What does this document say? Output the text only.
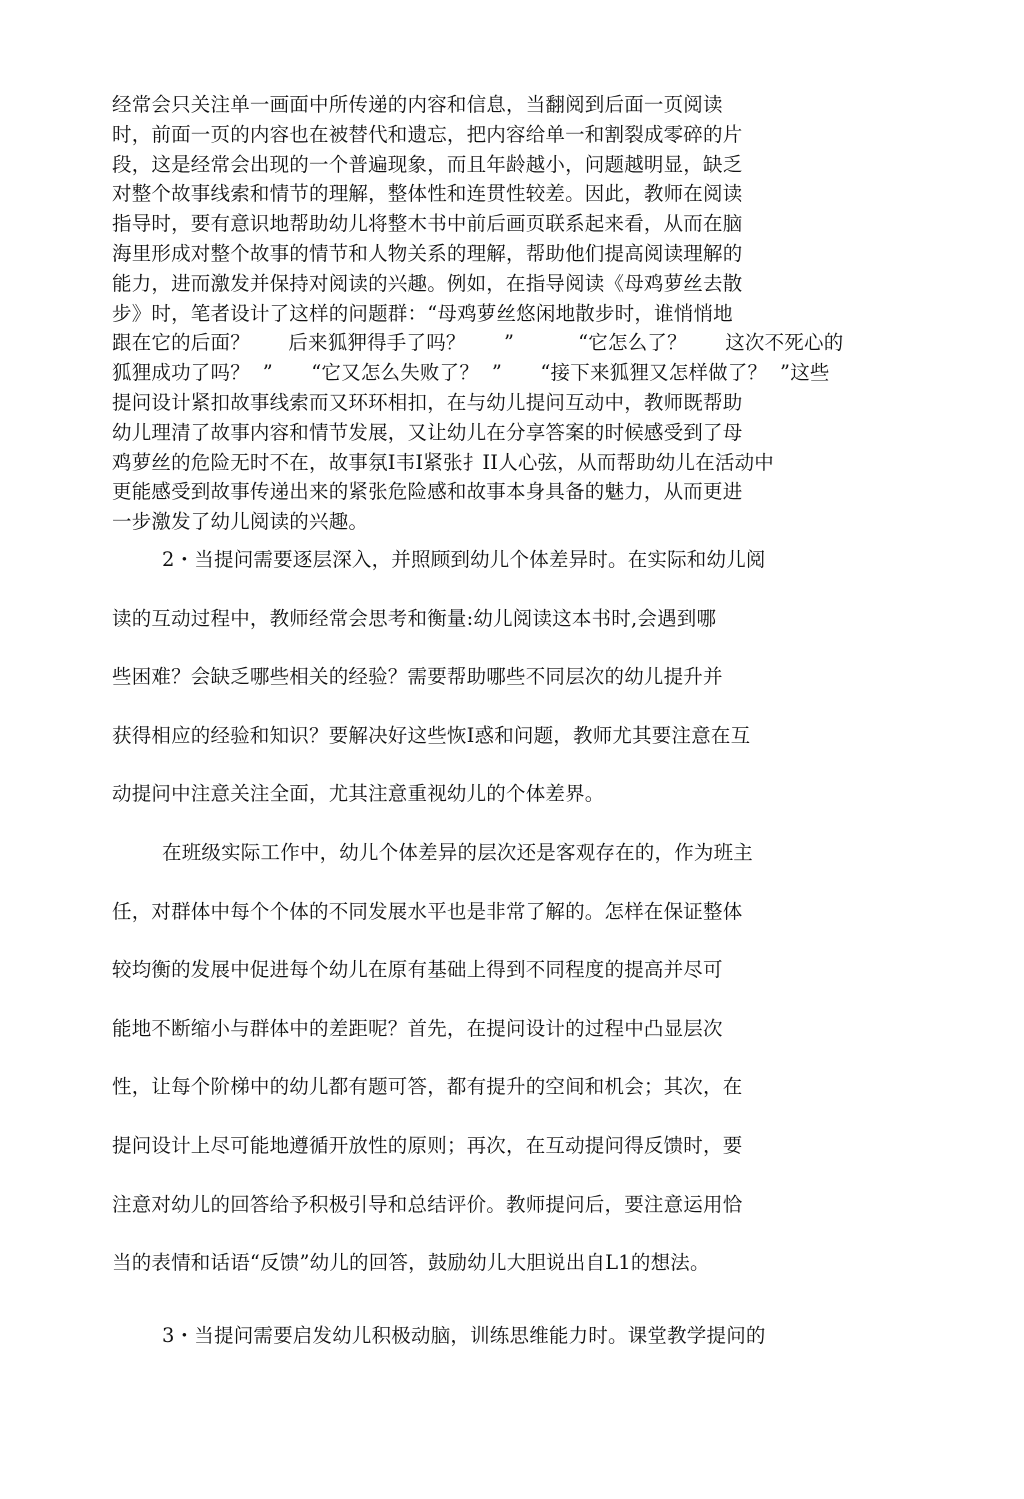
经常会只关注单一画面中所传递的内容和信息，当翻阅到后面一页阅读
时，前面一页的内容也在被替代和遗忘，把内容给单一和割裂成零碎的片
段，这是经常会出现的一个普遍现象，而且年龄越小，问题越明显，缺乏
对整个故事线索和情节的理解，整体性和连贯性较差。因此，教师在阅读
指导时，要有意识地帮助幼儿将整木书中前后画页联系起来看，从而在脑
海里形成对整个故事的情节和人物关系的理解，帮助他们提高阅读理解的
能力，进而激发并保持对阅读的兴趣。例如，在指导阅读《母鸡萝丝去散
步》时，笔者设计了这样的问题群：“母鸡萝丝悠闲地散步时，谁悄悄地
跟在它的后面？      后来狐狎得手了吗？      ”          “它怎么了？      这次不死心的
狐狸成功了吗？  ”      “它又怎么失败了？  ”      “接下来狐狸又怎样做了？  ”这些
提问设计紧扣故事线索而又环环相扣，在与幼儿提问互动中，教师既帮助
幼儿理清了故事内容和情节发展，又让幼儿在分享答案的时候感受到了母
鸡萝丝的危险无时不在，故事氛I韦I紧张扌II人心弦，从而帮助幼儿在活动中
更能感受到故事传递出来的紧张危险感和故事本身具备的魅力，从而更进
一步激发了幼儿阅读的兴趣。
2・当提问需要逐层深入，并照顾到幼儿个体差异时。在实际和幼儿阅
读的互动过程中，教师经常会思考和衡量:幼儿阅读这本书时,会遇到哪
些困难？会缺乏哪些相关的经验？需要帮助哪些不同层次的幼儿提升并
获得相应的经验和知识？要解决好这些恢I惑和问题，教师尤其要注意在互
动提问中注意关注全面，尤其注意重视幼儿的个体差界。
在班级实际工作中，幼儿个体差异的层次还是客观存在的，作为班主
任，对群体中每个个体的不同发展水平也是非常了解的。怎样在保证整体
较均衡的发展中促进每个幼儿在原有基础上得到不同程度的提高并尽可
能地不断缩小与群体中的差距呢？首先，在提问设计的过程中凸显层次
性，让每个阶梯中的幼儿都有题可答，都有提升的空间和机会；其次，在
提问设计上尽可能地遵循开放性的原则；再次，在互动提问得反馈时，要
注意对幼儿的回答给予积极引导和总结评价。教师提问后，要注意运用恰
当的表情和话语“反馈”幼儿的回答，鼓励幼儿大胆说出自L1的想法。
3・当提问需要启发幼儿积极动脑，训练思维能力时。课堂教学提问的
